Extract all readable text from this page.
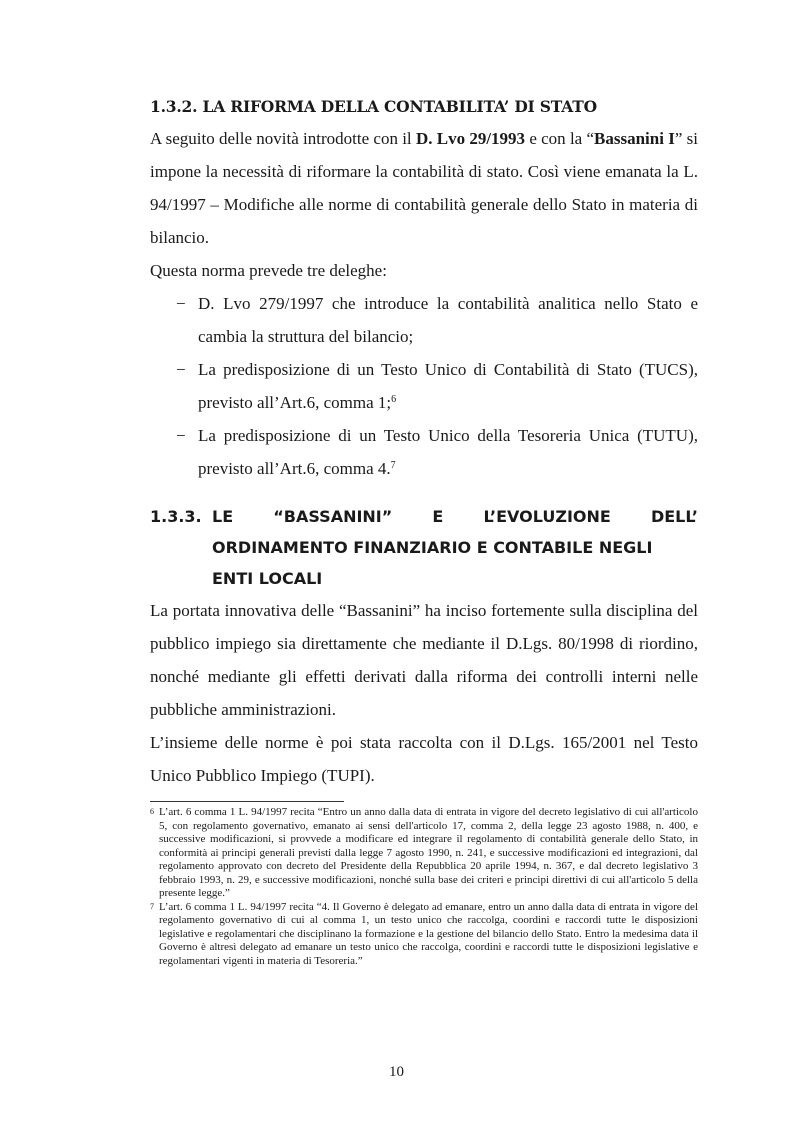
1.3.2. LA RIFORMA DELLA CONTABILITA’ DI STATO

A seguito delle novità introdotte con il D. Lvo 29/1993 e con la “Bassanini I” si impone la necessità di riformare la contabilità di stato. Così viene emanata la L. 94/1997 – Modifiche alle norme di contabilità generale dello Stato in materia di bilancio.

Questa norma prevede tre deleghe:

− D. Lvo 279/1997 che introduce la contabilità analitica nello Stato e cambia la struttura del bilancio;
− La predisposizione di un Testo Unico di Contabilità di Stato (TUCS), previsto all’Art.6, comma 1;$^6$
− La predisposizione di un Testo Unico della Tesoreria Unica (TUTU), previsto all’Art.6, comma 4.$^7$
1.3.3. LE	“BASSANINI”	E	L’EVOLUZIONE	DELL’
ORDINAMENTO FINANZIARIO E CONTABILE NEGLI
ENTI LOCALI

La portata innovativa delle “Bassanini” ha inciso fortemente sulla disciplina del pubblico impiego sia direttamente che mediante il D.Lgs. 80/1998 di riordino, nonché mediante gli effetti derivati dalla riforma dei controlli interni nelle pubbliche amministrazioni.

L’insieme delle norme è poi stata raccolta con il D.Lgs. 165/2001 nel Testo Unico Pubblico Impiego (TUPI).

6 L’art. 6 comma 1 L. 94/1997 recita “Entro un anno dalla data di entrata in vigore del decreto legislativo di cui all'articolo 5, con regolamento governativo, emanato ai sensi dell'articolo 17, comma 2, della legge 23 agosto 1988, n. 400, e successive modificazioni, si provvede a modificare ed integrare il regolamento di contabilità generale dello Stato, in conformità ai principi generali previsti dalla legge 7 agosto 1990, n. 241, e successive modificazioni ed integrazioni, dal regolamento approvato con decreto del Presidente della Repubblica 20 aprile 1994, n. 367, e dal decreto legislativo 3 febbraio 1993, n. 29, e successive modificazioni, nonché sulla base dei criteri e principi direttivi di cui all'articolo 5 della presente legge.”
7 L’art. 6 comma 1 L. 94/1997 recita “4. Il Governo è delegato ad emanare, entro un anno dalla data di entrata in vigore del regolamento governativo di cui al comma 1, un testo unico che raccolga, coordini e raccordi tutte le disposizioni legislative e regolamentari che disciplinano la formazione e la gestione del bilancio dello Stato. Entro la medesima data il Governo è altresì delegato ad emanare un testo unico che raccolga, coordini e raccordi tutte le disposizioni legislative e regolamentari vigenti in materia di Tesoreria.”
10
